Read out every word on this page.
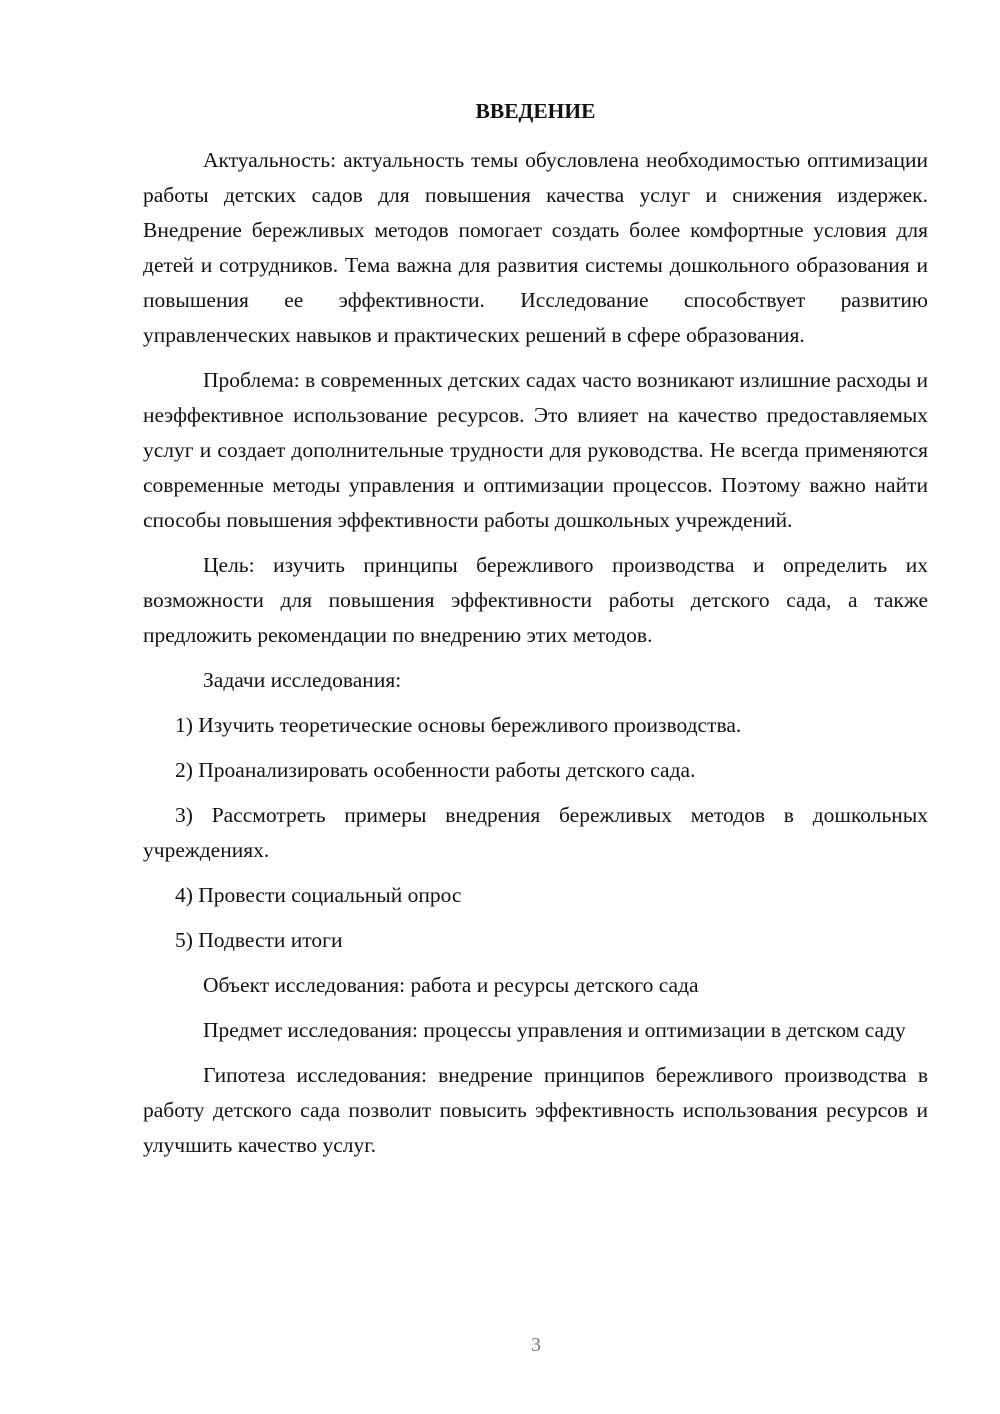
ВВЕДЕНИЕ

Актуальность: актуальность темы обусловлена необходимостью оптимизации работы детских садов для повышения качества услуг и снижения издержек. Внедрение бережливых методов помогает создать более комфортные условия для детей и сотрудников. Тема важна для развития системы дошкольного образования и повышения ее эффективности. Исследование способствует развитию управленческих навыков и практических решений в сфере образования.

Проблема: в современных детских садах часто возникают излишние расходы и неэффективное использование ресурсов. Это влияет на качество предоставляемых услуг и создает дополнительные трудности для руководства. Не всегда применяются современные методы управления и оптимизации процессов. Поэтому важно найти способы повышения эффективности работы дошкольных учреждений.

Цель: изучить принципы бережливого производства и определить их возможности для повышения эффективности работы детского сада, а также предложить рекомендации по внедрению этих методов.

Задачи исследования:

1) Изучить теоретические основы бережливого производства.

2) Проанализировать особенности работы детского сада.

3) Рассмотреть примеры внедрения бережливых методов в дошкольных учреждениях.

4) Провести социальный опрос

5) Подвести итоги

Объект исследования: работа и ресурсы детского сада

Предмет исследования: процессы управления и оптимизации в детском саду

Гипотеза исследования: внедрение принципов бережливого производства в работу детского сада позволит повысить эффективность использования ресурсов и улучшить качество услуг.

3
